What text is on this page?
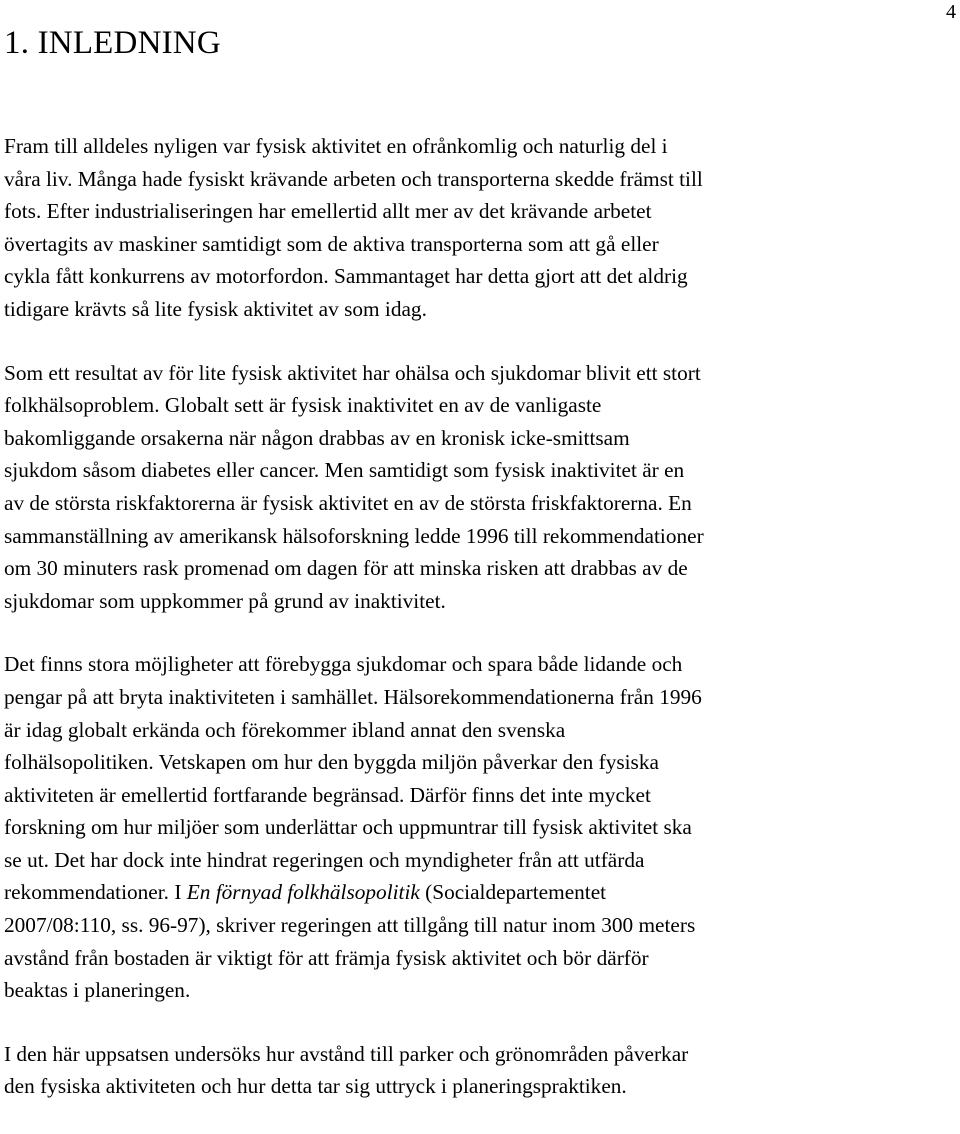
4
1. INLEDNING

Fram till alldeles nyligen var fysisk aktivitet en ofrånkomlig och naturlig del i
våra liv. Många hade fysiskt krävande arbeten och transporterna skedde främst till
fots. Efter industrialiseringen har emellertid allt mer av det krävande arbetet
övertagits av maskiner samtidigt som de aktiva transporterna som att gå eller
cykla fått konkurrens av motorfordon. Sammantaget har detta gjort att det aldrig
tidigare krävts så lite fysisk aktivitet av som idag.

Som ett resultat av för lite fysisk aktivitet har ohälsa och sjukdomar blivit ett stort
folkhälsoproblem. Globalt sett är fysisk inaktivitet en av de vanligaste
bakomliggande orsakerna när någon drabbas av en kronisk icke-smittsam
sjukdom såsom diabetes eller cancer. Men samtidigt som fysisk inaktivitet är en
av de största riskfaktorerna är fysisk aktivitet en av de största friskfaktorerna. En
sammanställning av amerikansk hälsoforskning ledde 1996 till rekommendationer
om 30 minuters rask promenad om dagen för att minska risken att drabbas av de
sjukdomar som uppkommer på grund av inaktivitet.

Det finns stora möjligheter att förebygga sjukdomar och spara både lidande och
pengar på att bryta inaktiviteten i samhället. Hälsorekommendationerna från 1996
är idag globalt erkända och förekommer ibland annat den svenska
folhälsopolitiken. Vetskapen om hur den byggda miljön påverkar den fysiska
aktiviteten är emellertid fortfarande begränsad. Därför finns det inte mycket
forskning om hur miljöer som underlättar och uppmuntrar till fysisk aktivitet ska
se ut. Det har dock inte hindrat regeringen och myndigheter från att utfärda
rekommendationer. I En förnyad folkhälsopolitik (Socialdepartementet
2007/08:110, ss. 96-97), skriver regeringen att tillgång till natur inom 300 meters
avstånd från bostaden är viktigt för att främja fysisk aktivitet och bör därför
beaktas i planeringen.

I den här uppsatsen undersöks hur avstånd till parker och grönområden påverkar
den fysiska aktiviteten och hur detta tar sig uttryck i planeringspraktiken.
